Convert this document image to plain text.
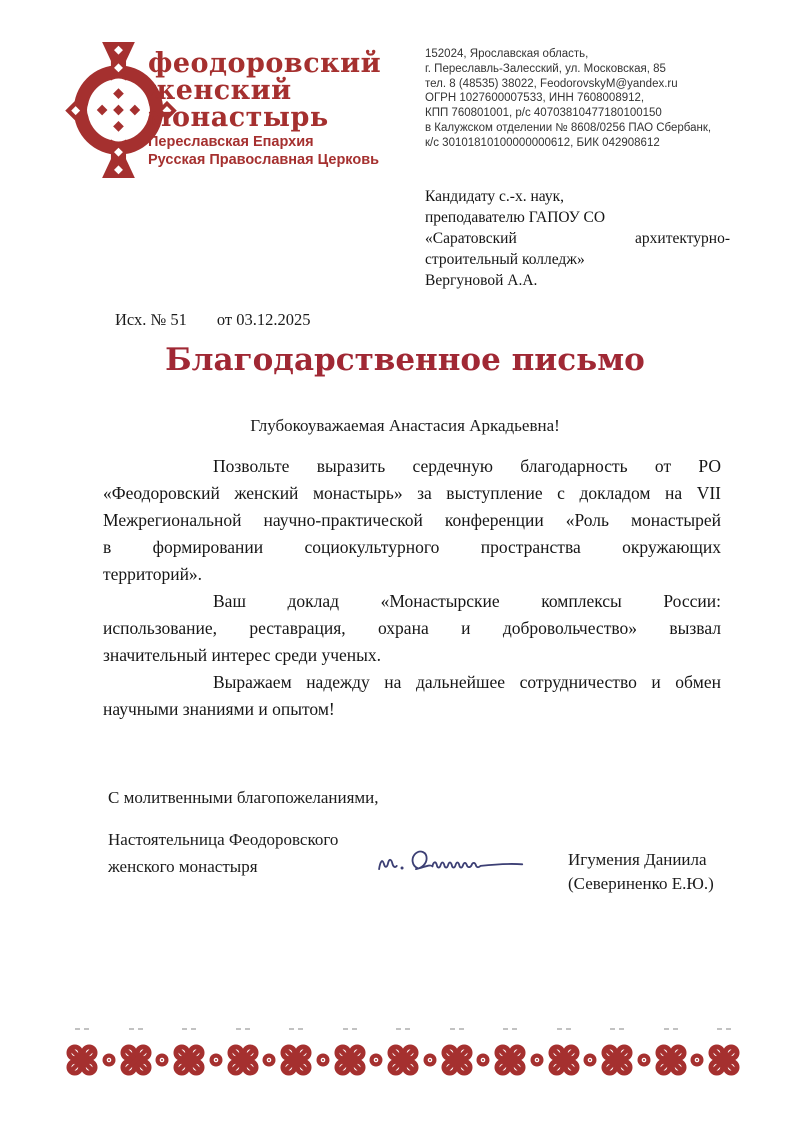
феодоровский
женский
монастырь
Переславская Епархия
Русская Православная Церковь
152024, Ярославская область,
г. Переславль-Залесский, ул. Московская, 85
тел. 8 (48535) 38022, FeodorovskyM@yandex.ru
ОГРН 1027600007533, ИНН 7608008912,
КПП 760801001, р/с 40703810477180100150
в Калужском отделении № 8608/0256 ПАО Сбербанк,
к/с 30101810100000000612, БИК 042908612
Кандидату с.-х. наук,
преподавателю ГАПОУ СО
«Саратовский архитектурно-
строительный колледж»
Вергуновой А.А.
Исх. № 51 от 03.12.2025
Благодарственное письмо
Глубокоуважаемая Анастасия Аркадьевна!
Позвольте выразить сердечную благодарность от РО
«Феодоровский женский монастырь» за выступление с докладом на VII
Межрегиональной научно-практической конференции «Роль монастырей
в формировании социокультурного пространства окружающих
территорий».
Ваш доклад «Монастырские комплексы России:
использование, реставрация, охрана и добровольчество» вызвал
значительный интерес среди ученых.
Выражаем надежду на дальнейшее сотрудничество и обмен
научными знаниями и опытом!
С молитвенными благопожеланиями,
Настоятельница Феодоровского
женского монастыря	Игумения Даниила
(Севериненко Е.Ю.)
